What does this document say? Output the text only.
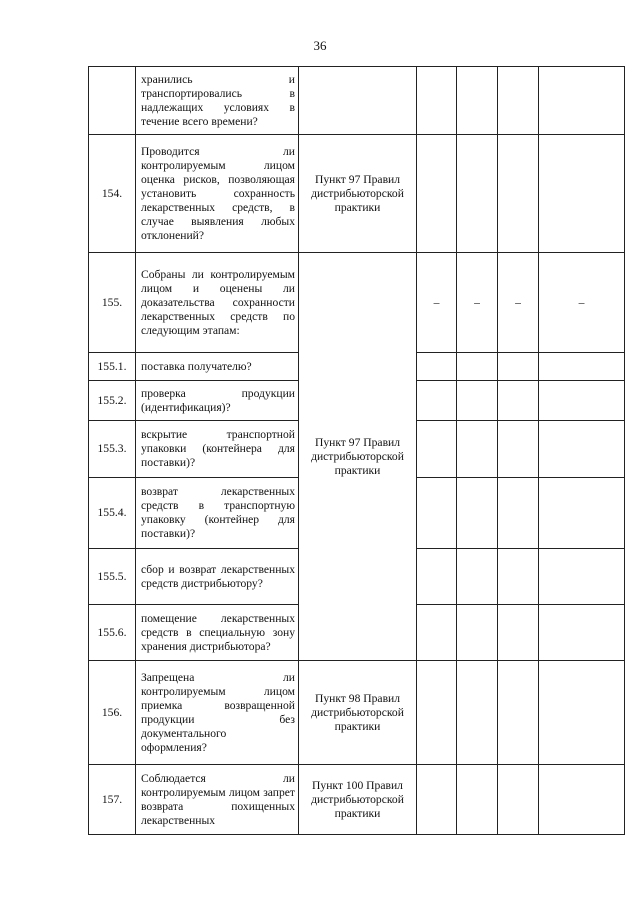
36

	хранились и транспортировались в надлежащих условиях в течение всего времени?					

154.	Проводится ли контролируемым лицом оценка рисков, позволяющая установить сохранность лекарственных средств, в случае выявления любых отклонений?	Пункт 97 Правил дистрибьюторской практики				
155.	Собраны ли контролируемым лицом и оценены ли доказательства сохранности лекарственных средств по следующим этапам:	Пункт 97 Правил дистрибьюторской практики	–	–	–	–
155.1.	поставка получателю?					

155.2.	проверка продукции (идентификация)?					

155.3.	вскрытие транспортной упаковки (контейнера для поставки)?					

155.4.	возврат лекарственных средств в транспортную упаковку (контейнер для поставки)?					

155.5.	сбор и возврат лекарственных средств дистрибьютору?					

155.6.	помещение лекарственных средств в специальную зону хранения дистрибьютора?					

156.	Запрещена ли контролируемым лицом приемка возвращенной продукции без документального оформления?	Пункт 98 Правил дистрибьюторской практики				
157.	Соблюдается ли контролируемым лицом запрет возврата похищенных лекарственных	Пункт 100 Правил дистрибьюторской практики				
